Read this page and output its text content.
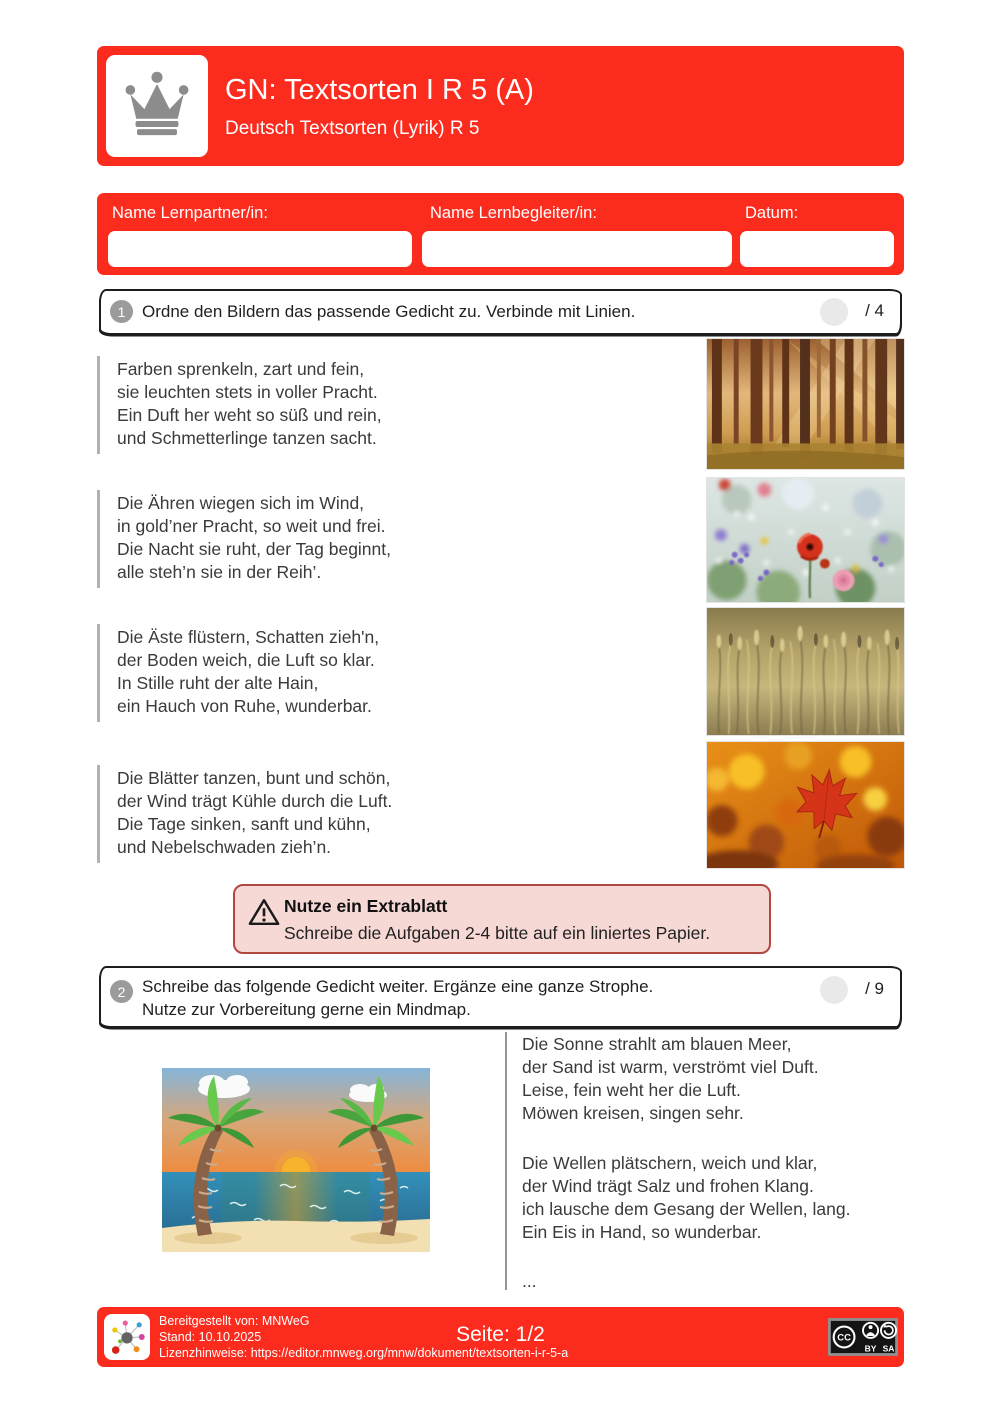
GN: Textsorten I R 5 (A)
Deutsch Textsorten (Lyrik) R 5
Name Lernpartner/in:	Name Lernbegleiter/in:	Datum:
1 Ordne den Bildern das passende Gedicht zu. Verbinde mit Linien.	/ 4
Farben sprenkeln, zart und fein,
sie leuchten stets in voller Pracht.
Ein Duft her weht so süß und rein,
und Schmetterlinge tanzen sacht.
Die Ähren wiegen sich im Wind,
in gold’ner Pracht, so weit und frei.
Die Nacht sie ruht, der Tag beginnt,
alle steh’n sie in der Reih’.
Die Äste flüstern, Schatten zieh'n,
der Boden weich, die Luft so klar.
In Stille ruht der alte Hain,
ein Hauch von Ruhe, wunderbar.
Die Blätter tanzen, bunt und schön,
der Wind trägt Kühle durch die Luft.
Die Tage sinken, sanft und kühn,
und Nebelschwaden zieh’n.
Nutze ein Extrablatt
Schreibe die Aufgaben 2-4 bitte auf ein liniertes Papier.
2 Schreibe das folgende Gedicht weiter. Ergänze eine ganze Strophe.
Nutze zur Vorbereitung gerne ein Mindmap.
/ 9
Die Sonne strahlt am blauen Meer,
der Sand ist warm, verströmt viel Duft.
Leise, fein weht her die Luft.
Möwen kreisen, singen sehr.
Die Wellen plätschern, weich und klar,
der Wind trägt Salz und frohen Klang.
ich lausche dem Gesang der Wellen, lang.
Ein Eis in Hand, so wunderbar.
...
Bereitgestellt von: MNWeG
Stand: 10.10.2025
Lizenzhinweise: https://editor.mnweg.org/mnw/dokument/textsorten-i-r-5-a
Seite: 1/2	CC
BY SA
